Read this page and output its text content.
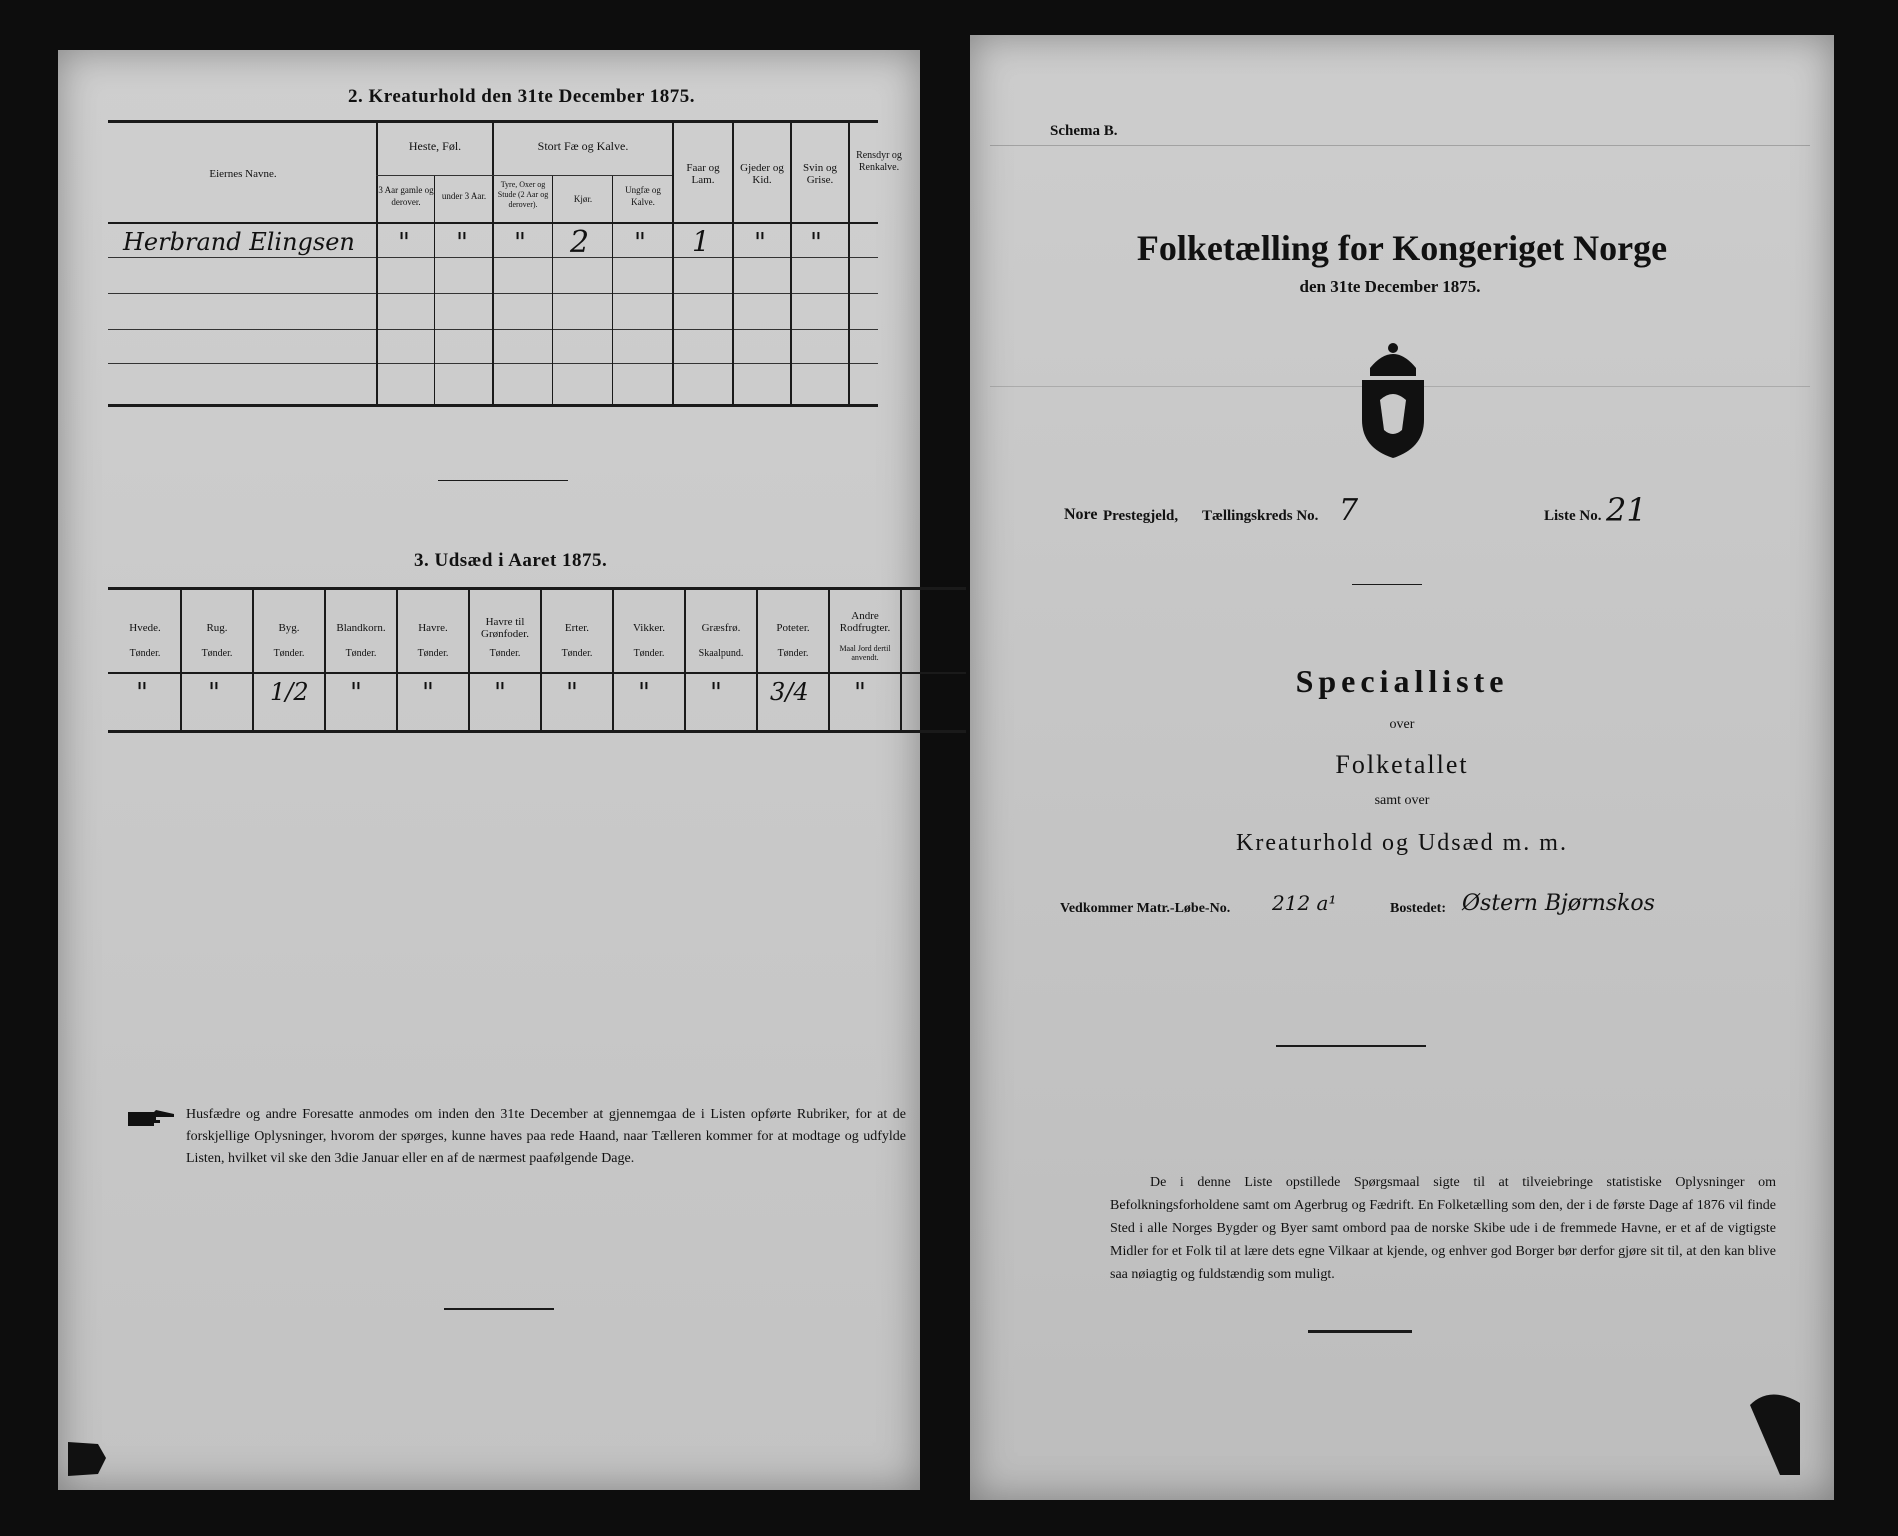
2. Kreaturhold den 31te December 1875.
Eiernes Navne.
Heste, Føl.
3 Aar gamle og derover.
under 3 Aar.
Stort Fæ og Kalve.
Tyre, Oxer og Stude (2 Aar og derover).
Kjør.
Ungfæ og Kalve.
Faar og Lam.
Gjeder og Kid.
Svin og Grise.
Rensdyr og Renkalve.
Herbrand Elingsen " " " 2 " 1 " "
3. Udsæd i Aaret 1875.
Hvede.
Tønder.
Rug.
Tønder.
Byg.
Tønder.
Blandkorn.
Tønder.
Havre.
Tønder.
Havre til Grønfoder.
Tønder.
Erter.
Tønder.
Vikker.
Tønder.
Græsfrø.
Skaalpund.
Poteter.
Tønder.
Andre Rodfrugter.
Maal Jord dertil anvendt.
" " 1/2 " " " " " " 3/4 "
Husfædre og andre Foresatte anmodes om inden den 31te December at gjennemgaa de i Listen opførte Rubriker, for at de forskjellige Oplysninger, hvorom der spørges, kunne haves paa rede Haand, naar Tælleren kommer for at modtage og udfylde Listen, hvilket vil ske den 3die Januar eller en af de nærmest paafølgende Dage.
Schema B.
Folketælling for Kongeriget Norge
den 31te December 1875.
Nore Prestegjeld, Tællingskreds No. 7	Liste No. 21
Specialliste
over
Folketallet
samt over
Kreaturhold og Udsæd m. m.
Vedkommer Matr.-Løbe-No. 212 a¹	Bostedet: Østern Bjørnskos
De i denne Liste opstillede Spørgsmaal sigte til at tilveiebringe statistiske Oplysninger om Befolkningsforholdene samt om Agerbrug og Fædrift. En Folketælling som den, der i de første Dage af 1876 vil finde Sted i alle Norges Bygder og Byer samt ombord paa de norske Skibe ude i de fremmede Havne, er et af de vigtigste Midler for et Folk til at lære dets egne Vilkaar at kjende, og enhver god Borger bør derfor gjøre sit til, at den kan blive saa nøiagtig og fuldstændig som muligt.
